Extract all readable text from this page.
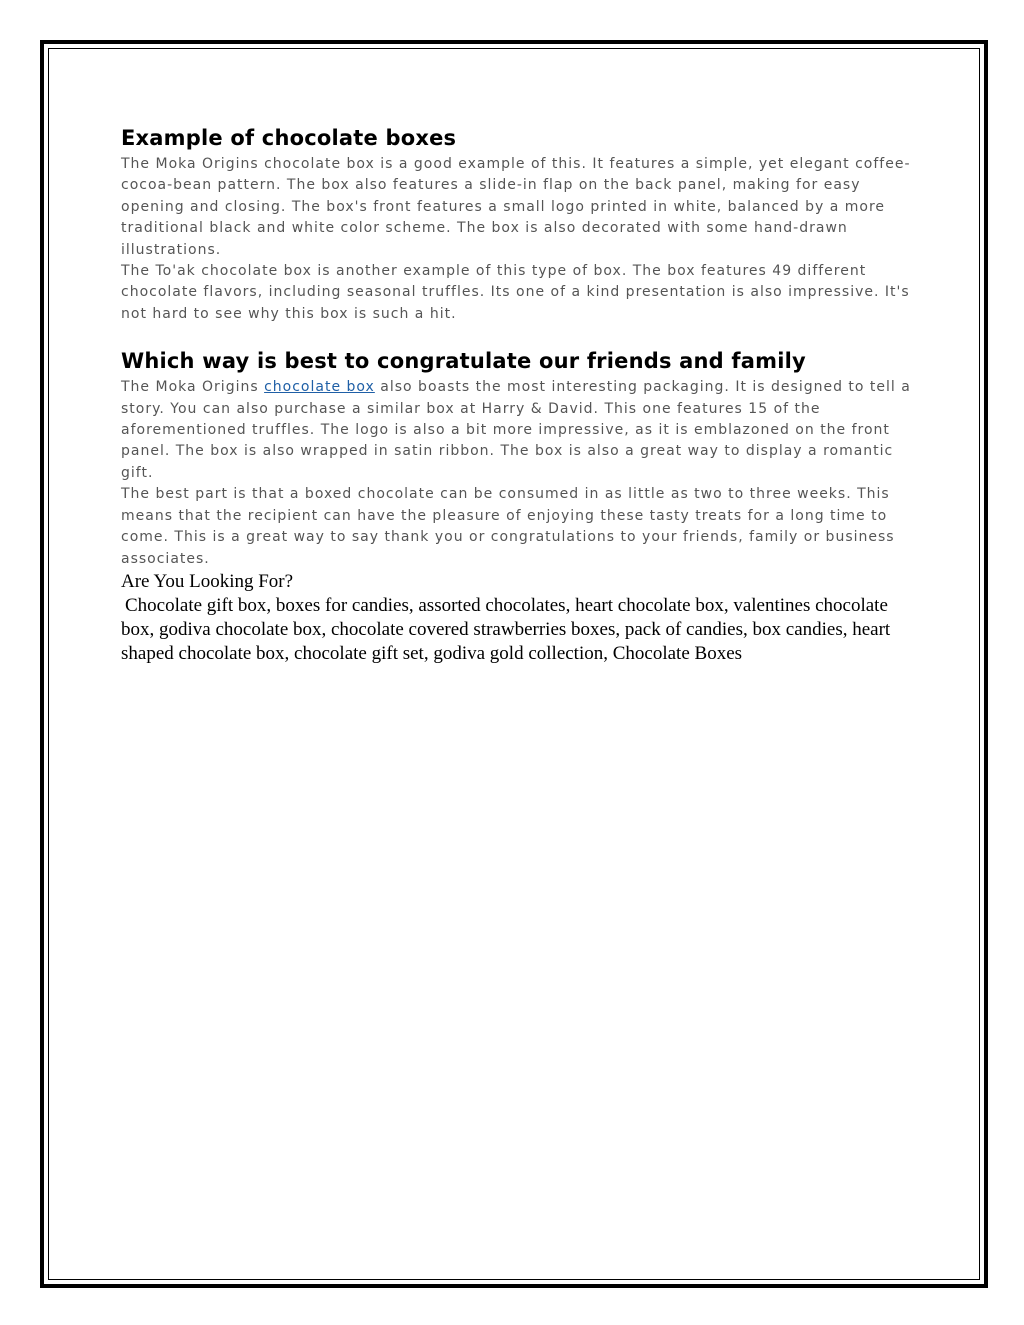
Example of chocolate boxes

The Moka Origins chocolate box is a good example of this. It features a simple, yet elegant coffee-cocoa-bean pattern. The box also features a slide-in flap on the back panel, making for easy opening and closing. The box's front features a small logo printed in white, balanced by a more traditional black and white color scheme. The box is also decorated with some hand-drawn illustrations.

The To'ak chocolate box is another example of this type of box. The box features 49 different chocolate flavors, including seasonal truffles. Its one of a kind presentation is also impressive. It's not hard to see why this box is such a hit.

Which way is best to congratulate our friends and family

The Moka Origins chocolate box also boasts the most interesting packaging. It is designed to tell a story. You can also purchase a similar box at Harry & David. This one features 15 of the aforementioned truffles. The logo is also a bit more impressive, as it is emblazoned on the front panel. The box is also wrapped in satin ribbon. The box is also a great way to display a romantic gift.

The best part is that a boxed chocolate can be consumed in as little as two to three weeks. This means that the recipient can have the pleasure of enjoying these tasty treats for a long time to come. This is a great way to say thank you or congratulations to your friends, family or business associates.

Are You Looking For?

Chocolate gift box, boxes for candies, assorted chocolates, heart chocolate box, valentines chocolate box, godiva chocolate box, chocolate covered strawberries boxes, pack of candies, box candies, heart shaped chocolate box, chocolate gift set, godiva gold collection, Chocolate Boxes
